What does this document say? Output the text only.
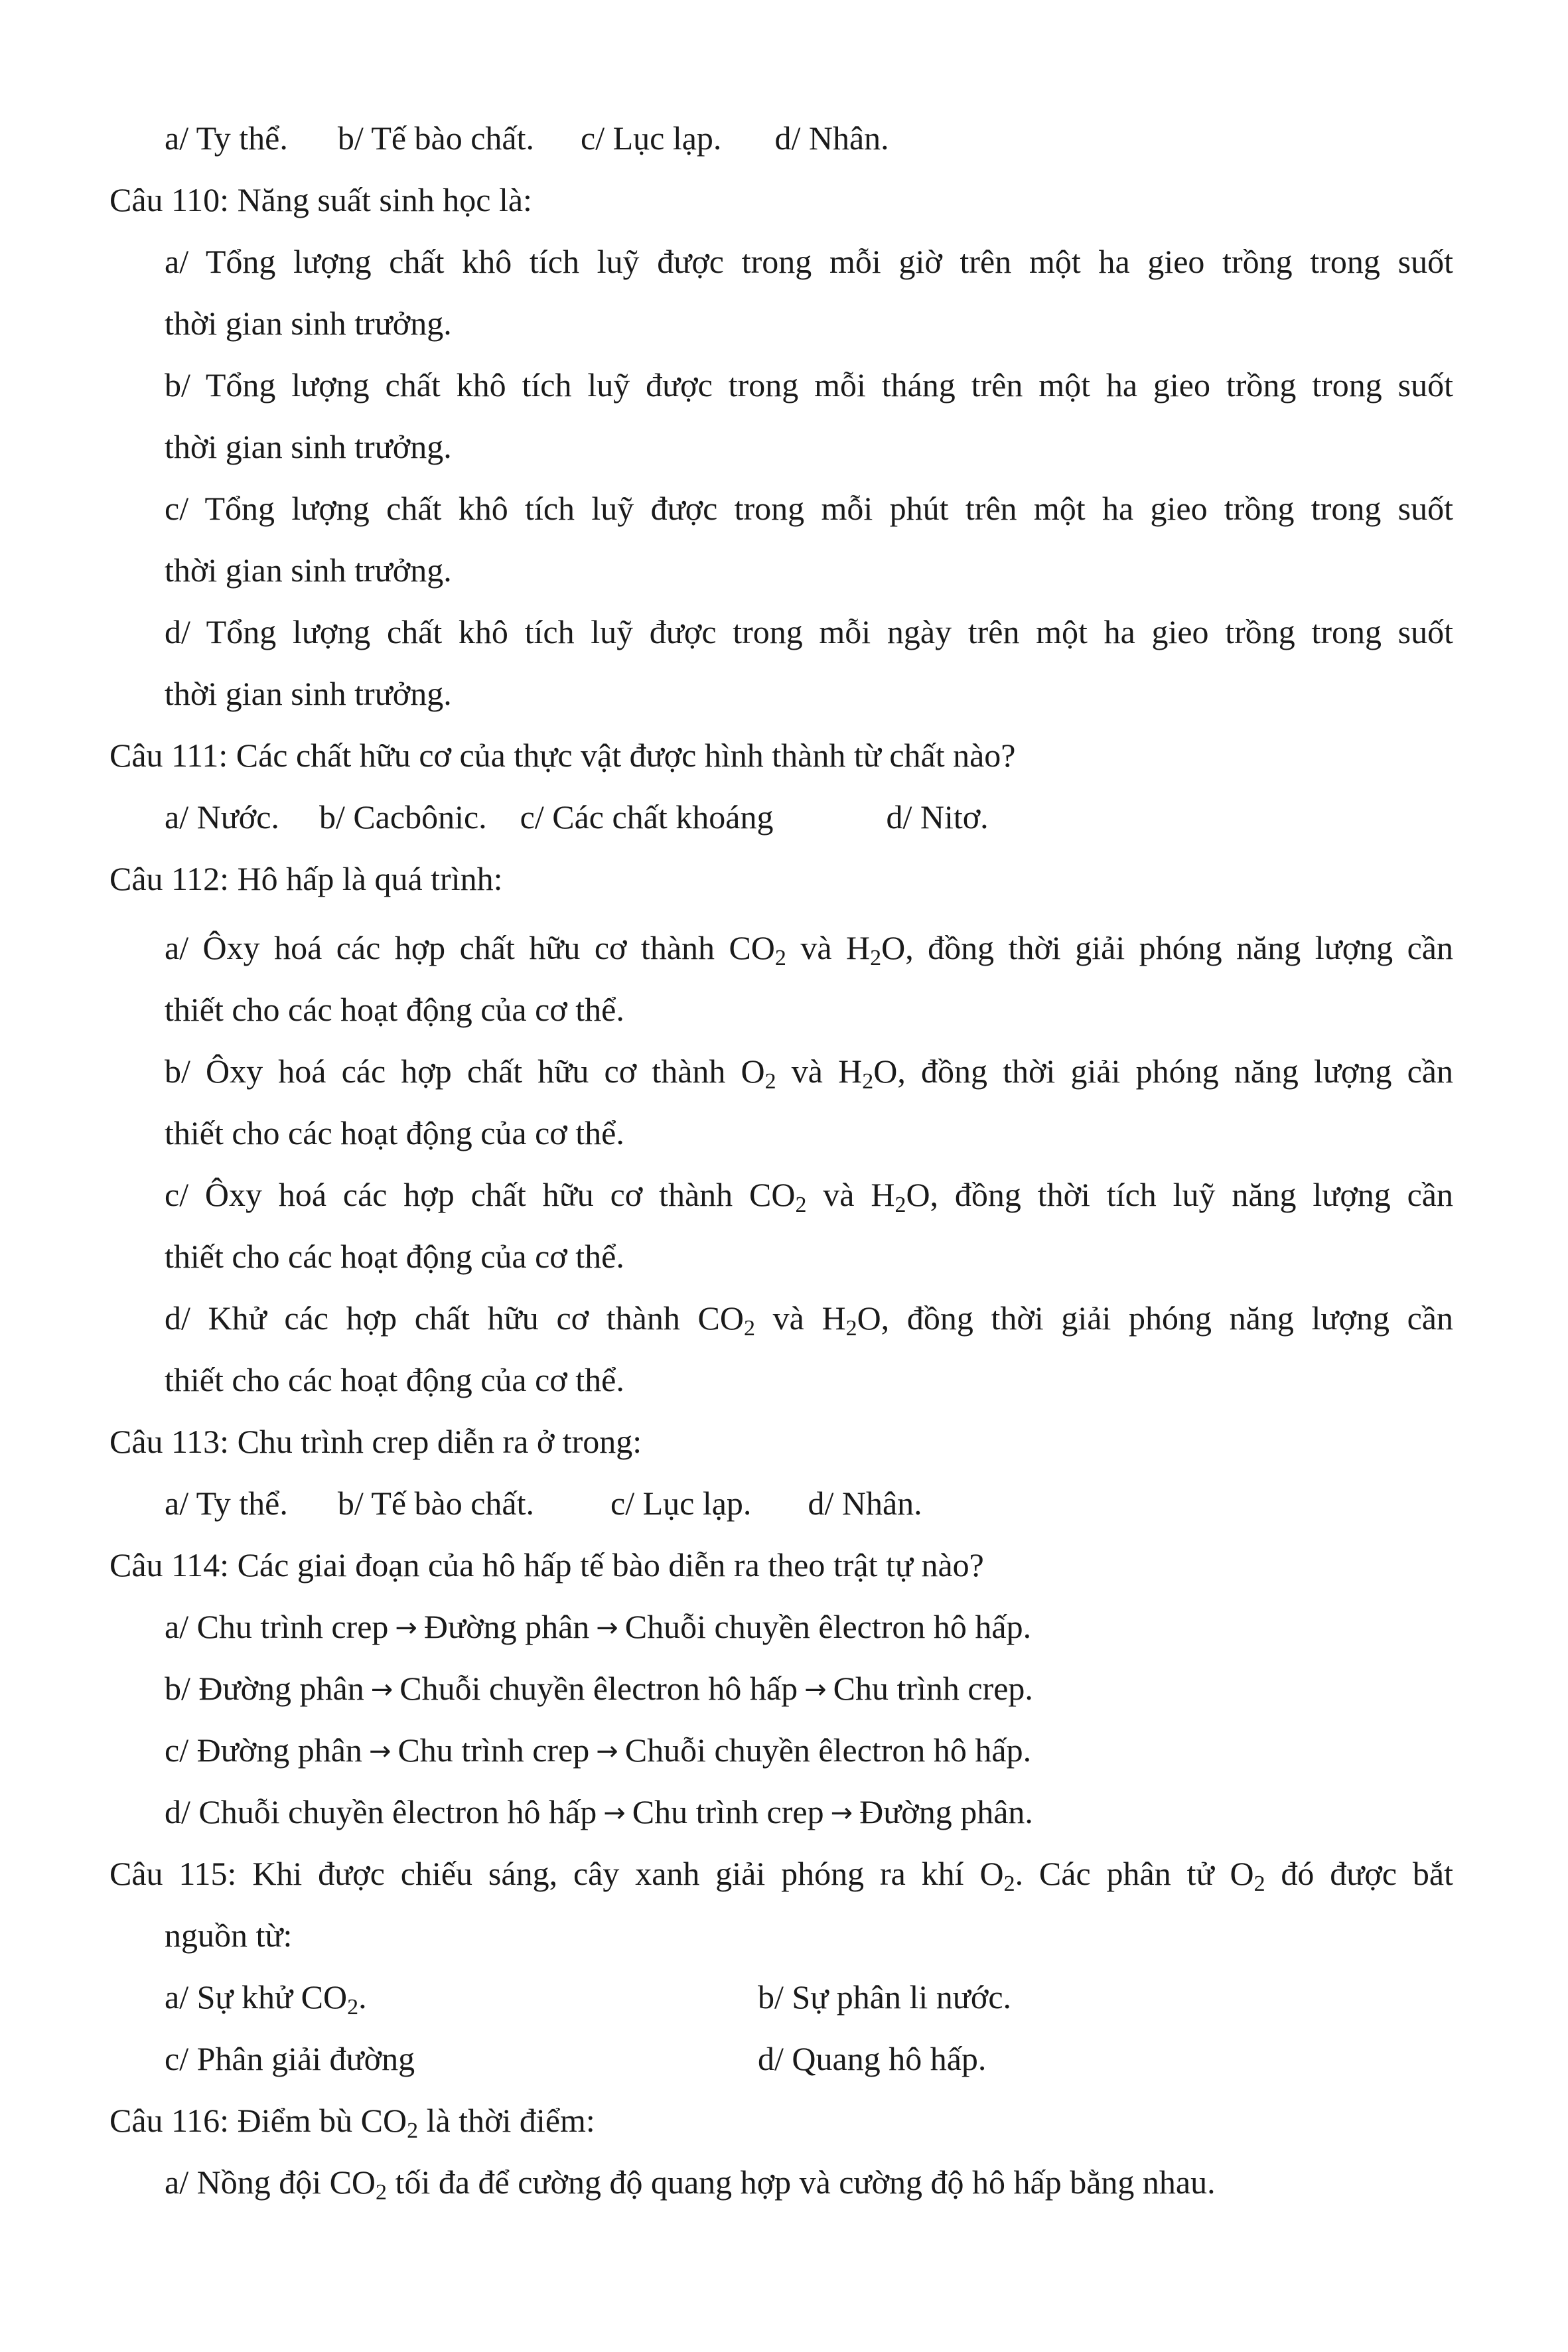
a/ Ty thể. b/ Tế bào chất. c/ Lục lạp. d/ Nhân.
Câu 110: Năng suất sinh học là:
a/ Tổng lượng chất khô tích luỹ được trong mỗi giờ trên một ha gieo trồng trong suốt
thời gian sinh trưởng.
b/ Tổng lượng chất khô tích luỹ được trong mỗi tháng trên một ha gieo trồng trong suốt
thời gian sinh trưởng.
c/ Tổng lượng chất khô tích luỹ được trong mỗi phút trên một ha gieo trồng trong suốt
thời gian sinh trưởng.
d/ Tổng lượng chất khô tích luỹ được trong mỗi ngày trên một ha gieo trồng trong suốt
thời gian sinh trưởng.
Câu 111: Các chất hữu cơ của thực vật được hình thành từ chất nào?
a/ Nước. b/ Cacbônic. c/ Các chất khoáng	d/ Nitơ.
Câu 112: Hô hấp là quá trình:
a/ Ôxy hoá các hợp chất hữu cơ thành $CO_2$ và $H_2O$, đồng thời giải phóng năng lượng cần
thiết cho các hoạt động của cơ thể.
b/ Ôxy hoá các hợp chất hữu cơ thành $O_2$ và $H_2O$, đồng thời giải phóng năng lượng cần
thiết cho các hoạt động của cơ thể.
c/ Ôxy hoá các hợp chất hữu cơ thành $CO_2$ và $H_2O$, đồng thời tích luỹ năng lượng cần
thiết cho các hoạt động của cơ thể.
d/ Khử các hợp chất hữu cơ thành $CO_2$ và $H_2O$, đồng thời giải phóng năng lượng cần
thiết cho các hoạt động của cơ thể.
Câu 113: Chu trình crep diễn ra ở trong:
a/ Ty thể. b/ Tế bào chất. c/ Lục lạp. d/ Nhân.
Câu 114: Các giai đoạn của hô hấp tế bào diễn ra theo trật tự nào?
a/ Chu trình crep → Đường phân → Chuỗi chuyền êlectron hô hấp.
b/ Đường phân → Chuỗi chuyền êlectron hô hấp → Chu trình crep.
c/ Đường phân → Chu trình crep → Chuỗi chuyền êlectron hô hấp.
d/ Chuỗi chuyền êlectron hô hấp → Chu trình crep → Đường phân.
Câu 115: Khi được chiếu sáng, cây xanh giải phóng ra khí $O_2$. Các phân tử $O_2$ đó được bắt
nguồn từ:
a/ Sự khử $CO_2$.	b/ Sự phân li nước.
c/ Phân giải đường	d/ Quang hô hấp.
Câu 116: Điểm bù $CO_2$ là thời điểm:
a/ Nồng đội $CO_2$ tối đa để cường độ quang hợp và cường độ hô hấp bằng nhau.
